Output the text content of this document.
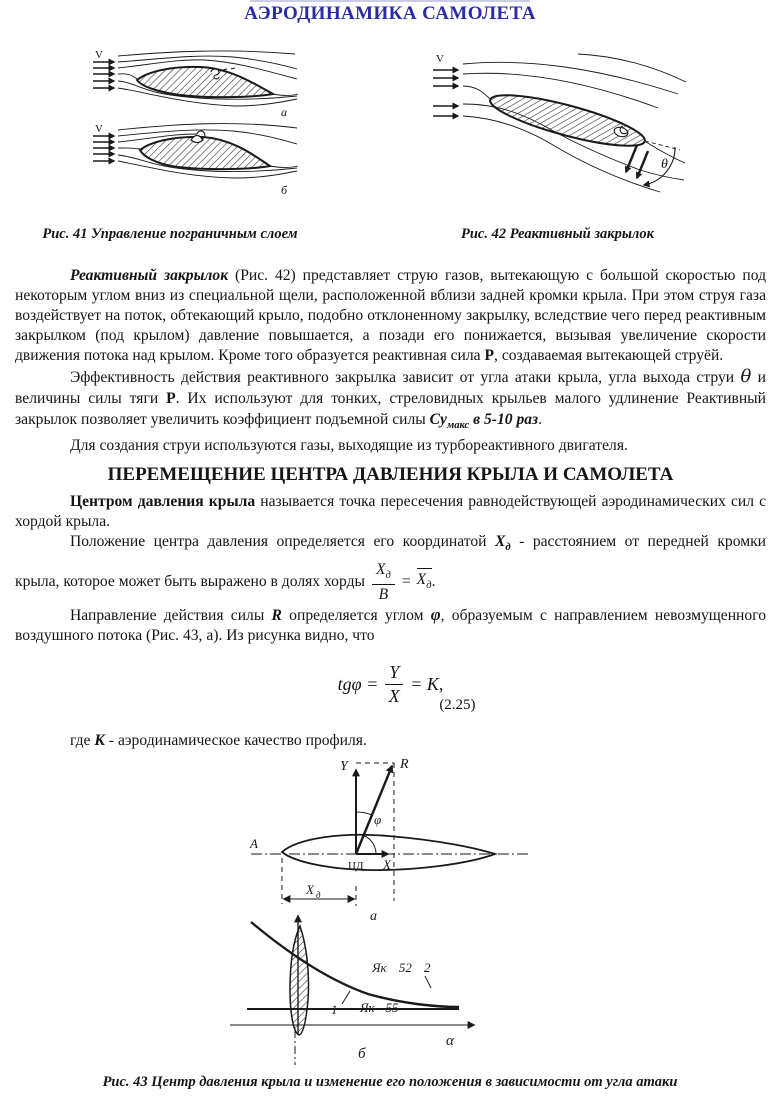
АЭРОДИНАМИКА САМОЛЕТА
V
V
а
б
V
θ
Рис. 41 Управление пограничным слоем	Рис. 42 Реактивный закрылок

Реактивный закрылок (Рис. 42) представляет струю газов, вытекающую с большой скоростью под некоторым углом вниз из специальной щели, расположенной вблизи задней кромки крыла. При этом струя газа воздействует на поток, обтекающий крыло, подобно отклоненному закрылку, вследствие чего перед реактивным закрылком (под крылом) давление повышается, а позади его понижается, вызывая увеличение скорости движения потока над крылом. Кроме того образуется реактивная сила Р, создаваемая вытекающей струёй.

Эффективность действия реактивного закрылка зависит от угла атаки крыла, угла выхода струи θ и величины силы тяги Р. Их используют для тонких, стреловидных крыльев малого удлинение Реактивный закрылок позволяет увеличить коэффициент подъемной силы $Су_{макс}$ в 5-10 раз.

Для создания струи используются газы, выходящие из турбореактивного двигателя.

ПЕРЕМЕЩЕНИЕ ЦЕНТРА ДАВЛЕНИЯ КРЫЛА И САМОЛЕТА

Центром давления крыла называется точка пересечения равнодействующей аэродинамических сил с хордой крыла.

Положение центра давления определяется его координатой $Х_д$ - расстоянием от передней кромки

крыла, которое может быть выражено в долях хорды $\frac{Х_д}{В} = Х_д$ .

Направление действия силы R определяется углом φ, образуемым с направлением невозмущенного воздушного потока (Рис. 43, а). Из рисунка видно, что

$tg\varphi = \frac{Y}{X} = K$,
(2.25)

где К - аэродинамическое качество профиля.

Y	R
φ
А
ЦД Х
Х д
а
Як 52 2
1 Як - 55
α
б
Рис. 43 Центр давления крыла и изменение его положения в зависимости от угла атаки
